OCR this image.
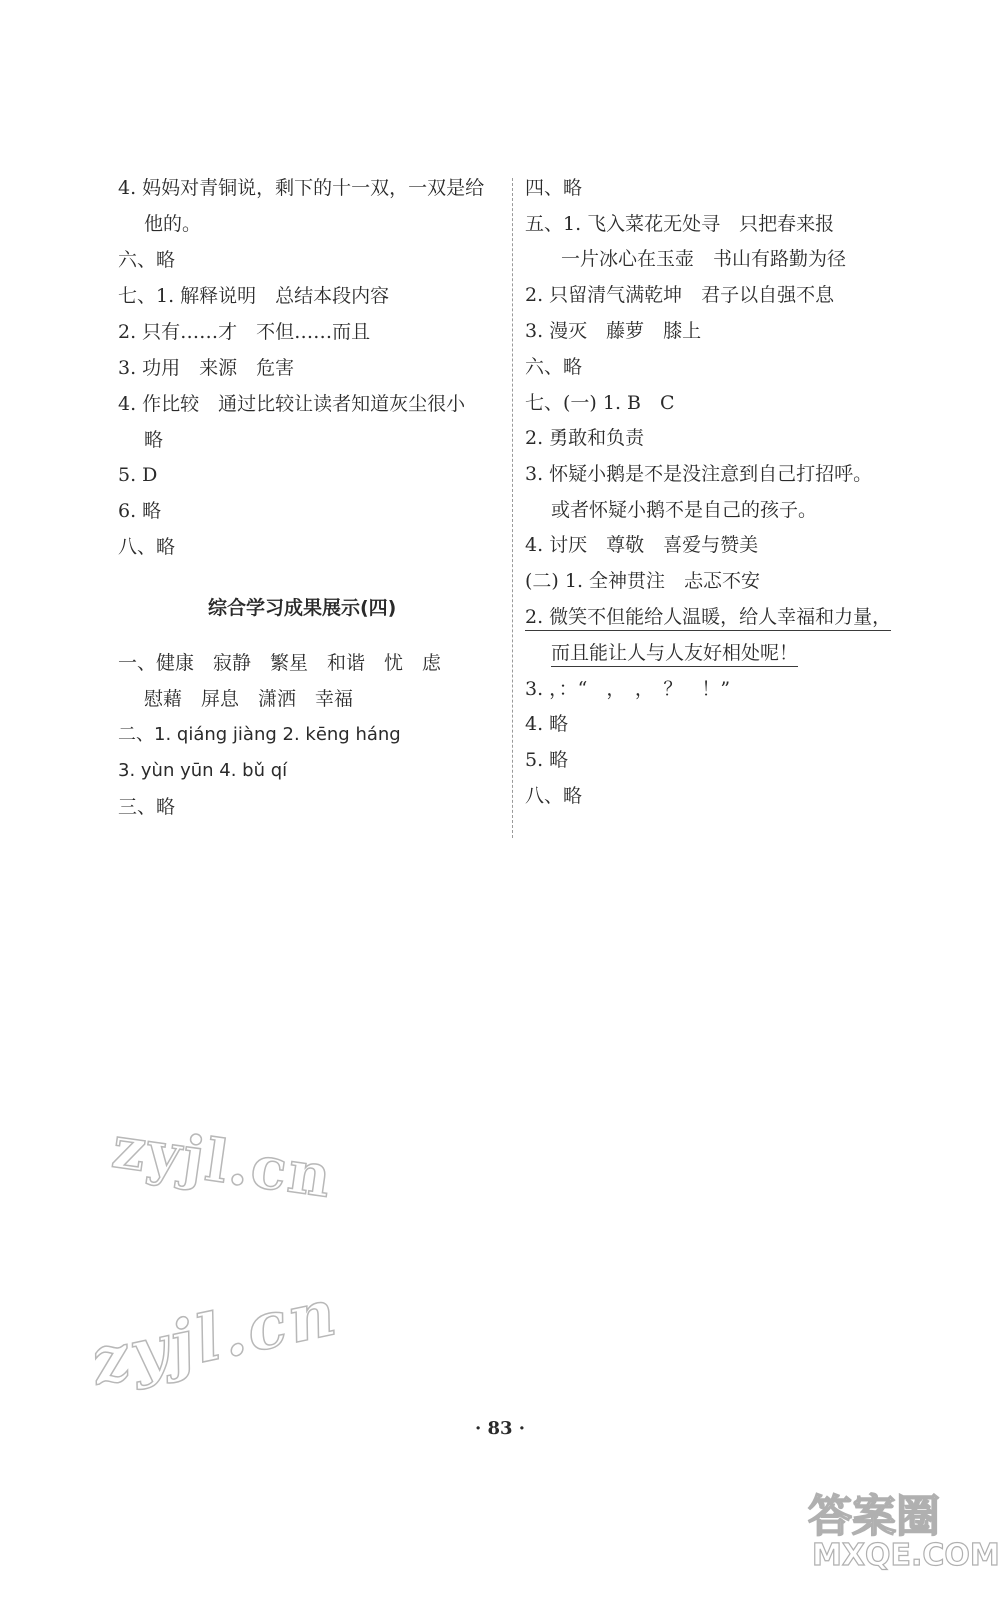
4. 妈妈对青铜说，剩下的十一双，一双是给
他的。
六、略
七、1. 解释说明　总结本段内容
2. 只有……才　不但……而且
3. 功用　来源　危害
4. 作比较　通过比较让读者知道灰尘很小
略
5. D
6. 略
八、略
综合学习成果展示(四)
一、健康　寂静　繁星　和谐　忧　虑
慰藉　屏息　潇洒　幸福
二、1. qiáng jiàng 2. kēng háng
3. yùn yūn 4. bǔ qí
三、略
四、略
五、1. 飞入菜花无处寻　只把春来报
一片冰心在玉壶　书山有路勤为径
2. 只留清气满乾坤　君子以自强不息
3. 漫灭　藤萝　膝上
六、略
七、(一) 1. B　C
2. 勇敢和负责
3. 怀疑小鹅是不是没注意到自己打招呼。
或者怀疑小鹅不是自己的孩子。
4. 讨厌　尊敬　喜爱与赞美
(二) 1. 全神贯注　忐忑不安
2. 微笑不但能给人温暖，给人幸福和力量，
而且能让人与人友好相处呢！
3. ，：“　，　，　？　！”
4. 略
5. 略
八、略
zyjl.cn
zyjl.cn
· 83 ·
答案圈
MXQE.COM
